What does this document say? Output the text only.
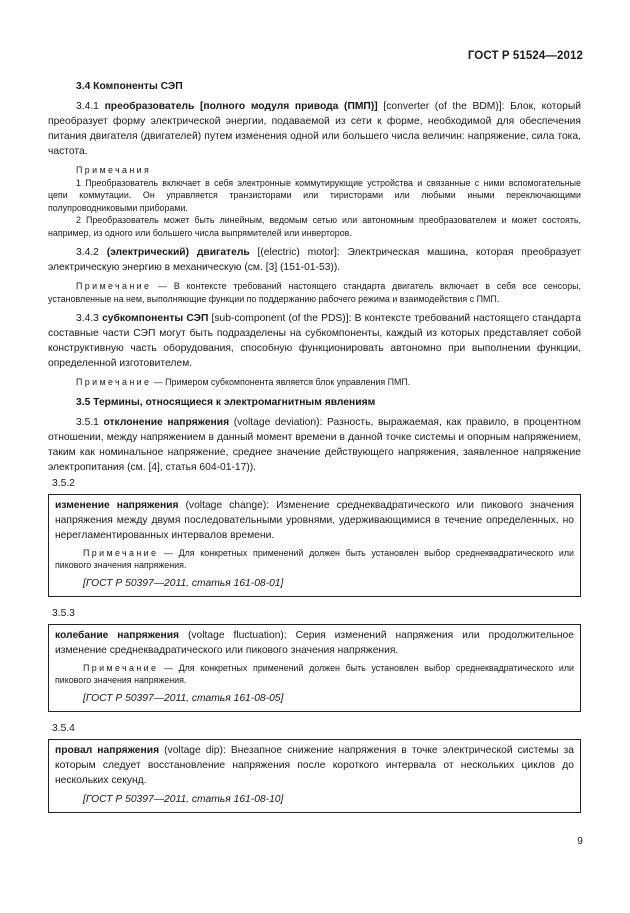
ГОСТ Р 51524—2012
3.4 Компоненты СЭП
3.4.1 преобразователь [полного модуля привода (ПМП)] [converter (of the BDM)]: Блок, который преобразует форму электрической энергии, подаваемой из сети к форме, необходимой для обеспечения питания двигателя (двигателей) путем изменения одной или большего числа величин: напряжение, сила тока, частота.
Примечания
1 Преобразователь включает в себя электронные коммутирующие устройства и связанные с ними вспомогательные цепи коммутации. Он управляется транзисторами или тиристорами или любыми иными переключающими полупроводниковыми приборами.
2 Преобразователь может быть линейным, ведомым сетью или автономным преобразователем и может состоять, например, из одного или большего числа выпрямителей или инверторов.
3.4.2 (электрический) двигатель [(electric) motor]: Электрическая машина, которая преобразует электрическую энергию в механическую (см. [3] (151-01-53)).
Примечание — В контексте требований настоящего стандарта двигатель включает в себя все сенсоры, установленные на нем, выполняющие функции по поддержанию рабочего режима и взаимодействия с ПМП.
3.4.3 субкомпоненты СЭП [sub-component (of the PDS)]: В контексте требований настоящего стандарта составные части СЭП могут быть подразделены на субкомпоненты, каждый из которых представляет собой конструктивную часть оборудования, способную функционировать автономно при выполнении функции, определенной изготовителем.
Примечание — Примером субкомпонента является блок управления ПМП.
3.5 Термины, относящиеся к электромагнитным явлениям
3.5.1 отклонение напряжения (voltage deviation): Разность, выражаемая, как правило, в процентном отношении, между напряжением в данный момент времени в данной точке системы и опорным напряжением, таким как номинальное напряжение, среднее значение действующего напряжения, заявленное напряжение электропитания (см. [4], статья 604-01-17)).
3.5.2
изменение напряжения (voltage change): Изменение среднеквадратического или пикового значения напряжения между двумя последовательными уровнями, удерживающимися в течение определенных, но нерегламентированных интервалов времени.
Примечание — Для конкретных применений должен быть установлен выбор среднеквадратического или пикового значения напряжения.
[ГОСТ Р 50397—2011, статья 161-08-01]
3.5.3
колебание напряжения (voltage fluctuation): Серия изменений напряжения или продолжительное изменение среднеквадратического или пикового значения напряжения.
Примечание — Для конкретных применений должен быть установлен выбор среднеквадратического или пикового значения напряжения.
[ГОСТ Р 50397—2011, статья 161-08-05]
3.5.4
провал напряжения (voltage dip): Внезапное снижение напряжения в точке электрической системы за которым следует восстановление напряжения после короткого интервала от нескольких циклов до нескольких секунд.
[ГОСТ Р 50397—2011, статья 161-08-10]
9
